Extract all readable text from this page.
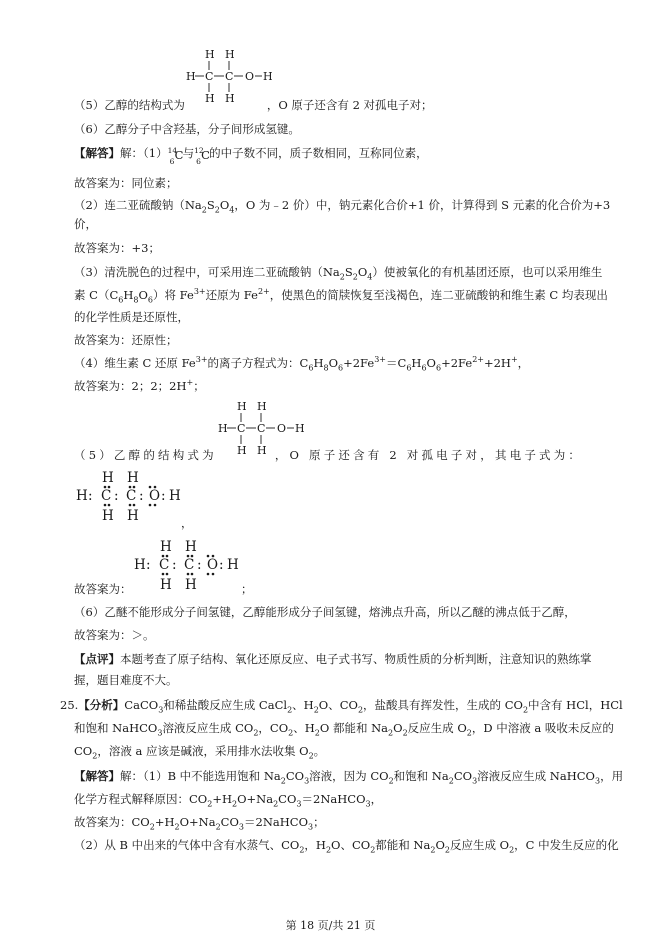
H H
H C C O H
H H
（5）乙醇的结构式为	，O 原子还含有 2 对孤电子对；
（6）乙醇分子中含羟基，分子间形成氢键。
【解答】解：（1） 14
6 C 与 12
6 C 的中子数不同，质子数相同，互称同位素，
故答案为：同位素；
（2）连二亚硫酸钠（$Na_2S_2O_4$，O 为﹣2 价）中，钠元素化合价+1 价，计算得到 S 元素的化合价为+3
价，
故答案为：+3；
（3）清洗脱色的过程中，可采用连二亚硫酸钠$(Na_2S_2O_4)$使被氧化的有机基团还原，也可以采用维生
素 $C(C_6H_8O_6)$将 $Fe^{3+}$还原为 $Fe^{2+}$，使黑色的简牍恢复至浅褐色，连二亚硫酸钠和维生素 C 均表现出
的化学性质是还原性，
故答案为：还原性；
（4）维生素 C 还原 $Fe^{3+}$的离子方程式为：$C_6H_8O_6+2Fe^{3+}=C_6H_6O_6+2Fe^{2+}+2H^+$，
故答案为：2；2；2H+；
H H
H C C O H
H H
（5）乙醇的结构式为	，O 原子还含有 2 对孤电子对，其电子式为：
H H
H : C : C : O : H
H H	，
H H
H : C : C : O : H
H H
故答案为：	；
（6）乙醚不能形成分子间氢键，乙醇能形成分子间氢键，熔沸点升高，所以乙醚的沸点低于乙醇，
故答案为：＞。
【点评】本题考查了原子结构、氧化还原反应、电子式书写、物质性质的分析判断，注意知识的熟练掌
握，题目难度不大。
25.【分析】CaCO$_3$和稀盐酸反应生成 CaCl$_2$、$H_2O$、$CO_2$，盐酸具有挥发性，生成的 $CO_2$中含有 HCl，HCl
和饱和 NaHCO$_3$溶液反应生成 $CO_2$，$CO_2$、$H_2O$ 都能和 $Na_2O_2$反应生成 $O_2$，D 中溶液 a 吸收未反应的
$CO_2$，溶液 a 应该是碱液，采用排水法收集 $O_2$。
【解答】解：（1）B 中不能选用饱和 $Na_2CO_3$溶液，因为 $CO_2$和饱和 $Na_2CO_3$溶液反应生成 NaHCO$_3$，用
化学方程式解释原因：$CO_2+H_2O+Na_2CO_3=2NaHCO_3$，
故答案为：$CO_2+H_2O+Na_2CO_3=2NaHCO_3$；
（2）从 B 中出来的气体中含有水蒸气、$CO_2$，$H_2O$、$CO_2$都能和 $Na_2O_2$反应生成 $O_2$，C 中发生反应的化
第 18 页/共 21 页
